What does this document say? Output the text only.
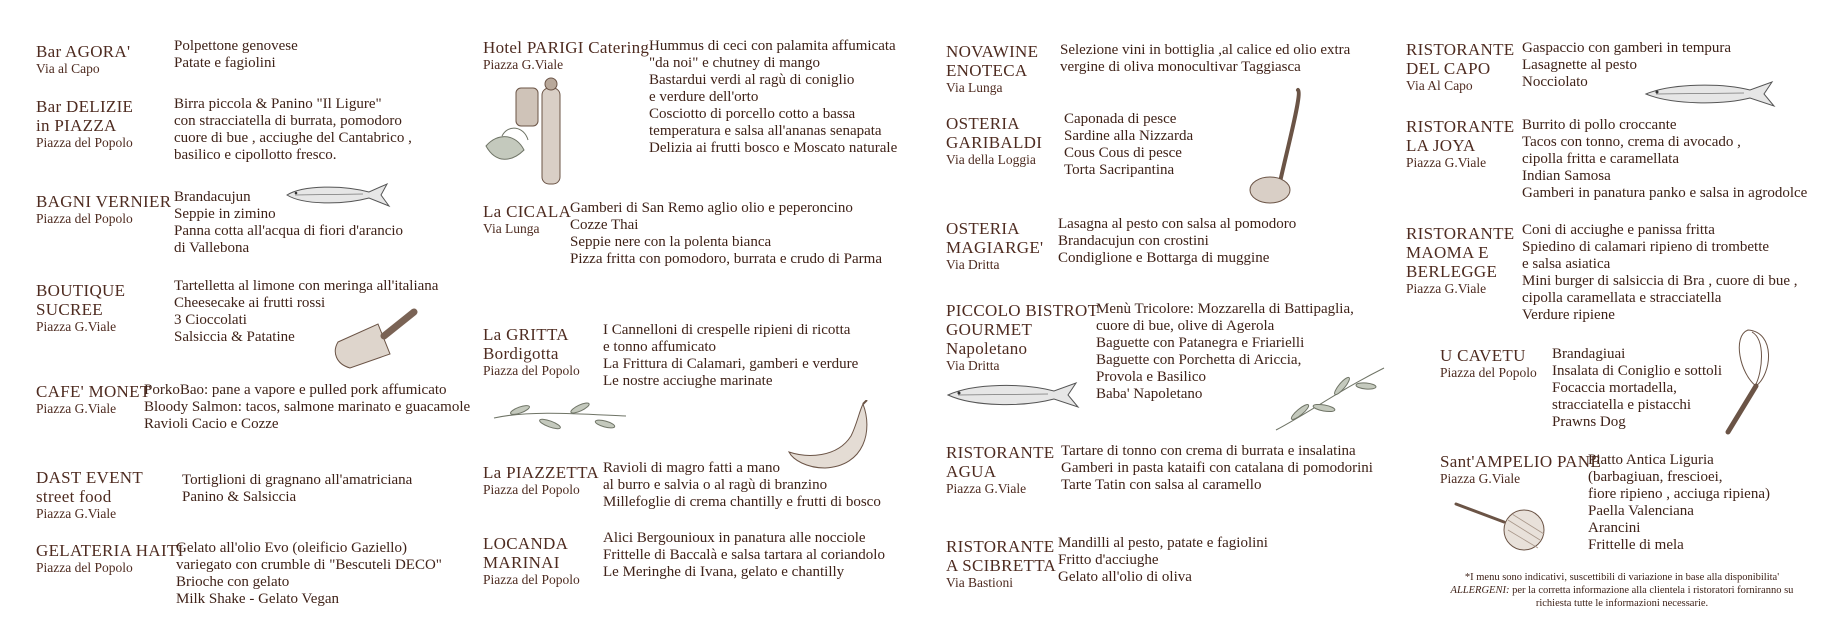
Bar AGORA'
Via al Capo
Polpettone genovese
Patate e fagiolini
Bar DELIZIE
in PIAZZA
Piazza del Popolo
Birra piccola & Panino "Il Ligure"
con stracciatella di burrata, pomodoro
cuore di bue , acciughe del Cantabrico ,
basilico e cipollotto fresco.
BAGNI VERNIER
Piazza del Popolo
Brandacujun
Seppie in zimino
Panna cotta all'acqua di fiori d'arancio
di Vallebona
BOUTIQUE
SUCREE
Piazza G.Viale
Tartelletta al limone con meringa all'italiana
Cheesecake ai frutti rossi
3 Cioccolati
Salsiccia & Patatine
CAFE' MONET
Piazza G.Viale
PorkoBao: pane a vapore e pulled pork affumicato
Bloody Salmon: tacos, salmone marinato e guacamole
Ravioli Cacio e Cozze
DAST EVENT
street food
Piazza G.Viale
Tortiglioni di gragnano all'amatriciana
Panino & Salsiccia
GELATERIA HAITI
Piazza del Popolo
Gelato all'olio Evo (oleificio Gaziello)
variegato con crumble di "Bescuteli DECO"
Brioche con gelato
Milk Shake - Gelato Vegan
Hotel PARIGI Catering
Piazza G.Viale
Hummus di ceci con palamita affumicata
"da noi" e chutney di mango
Bastardui verdi al ragù di coniglio
e verdure dell'orto
Cosciotto di porcello cotto a bassa
temperatura e salsa all'ananas senapata
Delizia ai frutti bosco e Moscato naturale
La CICALA
Via Lunga
Gamberi di San Remo aglio olio e peperoncino
Cozze Thai
Seppie nere con la polenta bianca
Pizza fritta con pomodoro, burrata e crudo di Parma
La GRITTA
Bordigotta
Piazza del Popolo
I Cannelloni di crespelle ripieni di ricotta
e tonno affumicato
La Frittura di Calamari, gamberi e verdure
Le nostre acciughe marinate
La PIAZZETTA
Piazza del Popolo
Ravioli di magro fatti a mano
al burro e salvia o al ragù di branzino
Millefoglie di crema chantilly e frutti di bosco
LOCANDA
MARINAI
Piazza del Popolo
Alici Bergounioux in panatura alle nocciole
Frittelle di Baccalà e salsa tartara al coriandolo
Le Meringhe di Ivana, gelato e chantilly
NOVAWINE
ENOTECA
Via Lunga
Selezione vini in bottiglia ,al calice ed olio extra
vergine di oliva monocultivar Taggiasca
OSTERIA
GARIBALDI
Via della Loggia
Caponada di pesce
Sardine alla Nizzarda
Cous Cous di pesce
Torta Sacripantina
OSTERIA
MAGIARGE'
Via Dritta
Lasagna al pesto con salsa al pomodoro
Brandacujun con crostini
Condiglione e Bottarga di muggine
PICCOLO BISTROT
GOURMET
Napoletano
Via Dritta
Menù Tricolore: Mozzarella di Battipaglia,
cuore di bue, olive di Agerola
Baguette con Patanegra e Friarielli
Baguette con Porchetta di Ariccia,
Provola e Basilico
Baba' Napoletano
RISTORANTE
AGUA
Piazza G.Viale
Tartare di tonno con crema di burrata e insalatina
Gamberi in pasta kataifi con catalana di pomodorini
Tarte Tatin con salsa al caramello
RISTORANTE
A SCIBRETTA
Via Bastioni
Mandilli al pesto, patate e fagiolini
Fritto d'acciughe
Gelato all'olio di oliva
RISTORANTE
DEL CAPO
Via Al Capo
Gaspaccio con gamberi in tempura
Lasagnette al pesto
Nocciolato
RISTORANTE
LA JOYA
Piazza G.Viale
Burrito di pollo croccante
Tacos con tonno, crema di avocado ,
cipolla fritta e caramellata
Indian Samosa
Gamberi in panatura panko e salsa in agrodolce
RISTORANTE
MAOMA E
BERLEGGE
Piazza G.Viale
Coni di acciughe e panissa fritta
Spiedino di calamari ripieno di trombette
e salsa asiatica
Mini burger di salsiccia di Bra , cuore di bue ,
cipolla caramellata e stracciatella
Verdure ripiene
U CAVETU
Piazza del Popolo
Brandagiuai
Insalata di Coniglio e sottoli
Focaccia mortadella,
stracciatella e pistacchi
Prawns Dog
Sant'AMPELIO PANE
Piazza G.Viale
Piatto Antica Liguria
(barbagiuan, frescioei,
fiore ripieno , acciuga ripiena)
Paella Valenciana
Arancini
Frittelle di mela
*I menu sono indicativi, suscettibili di variazione in base alla disponibilita'
ALLERGENI: per la corretta informazione alla clientela i ristoratori forniranno su
richiesta tutte le informazioni necessarie.
